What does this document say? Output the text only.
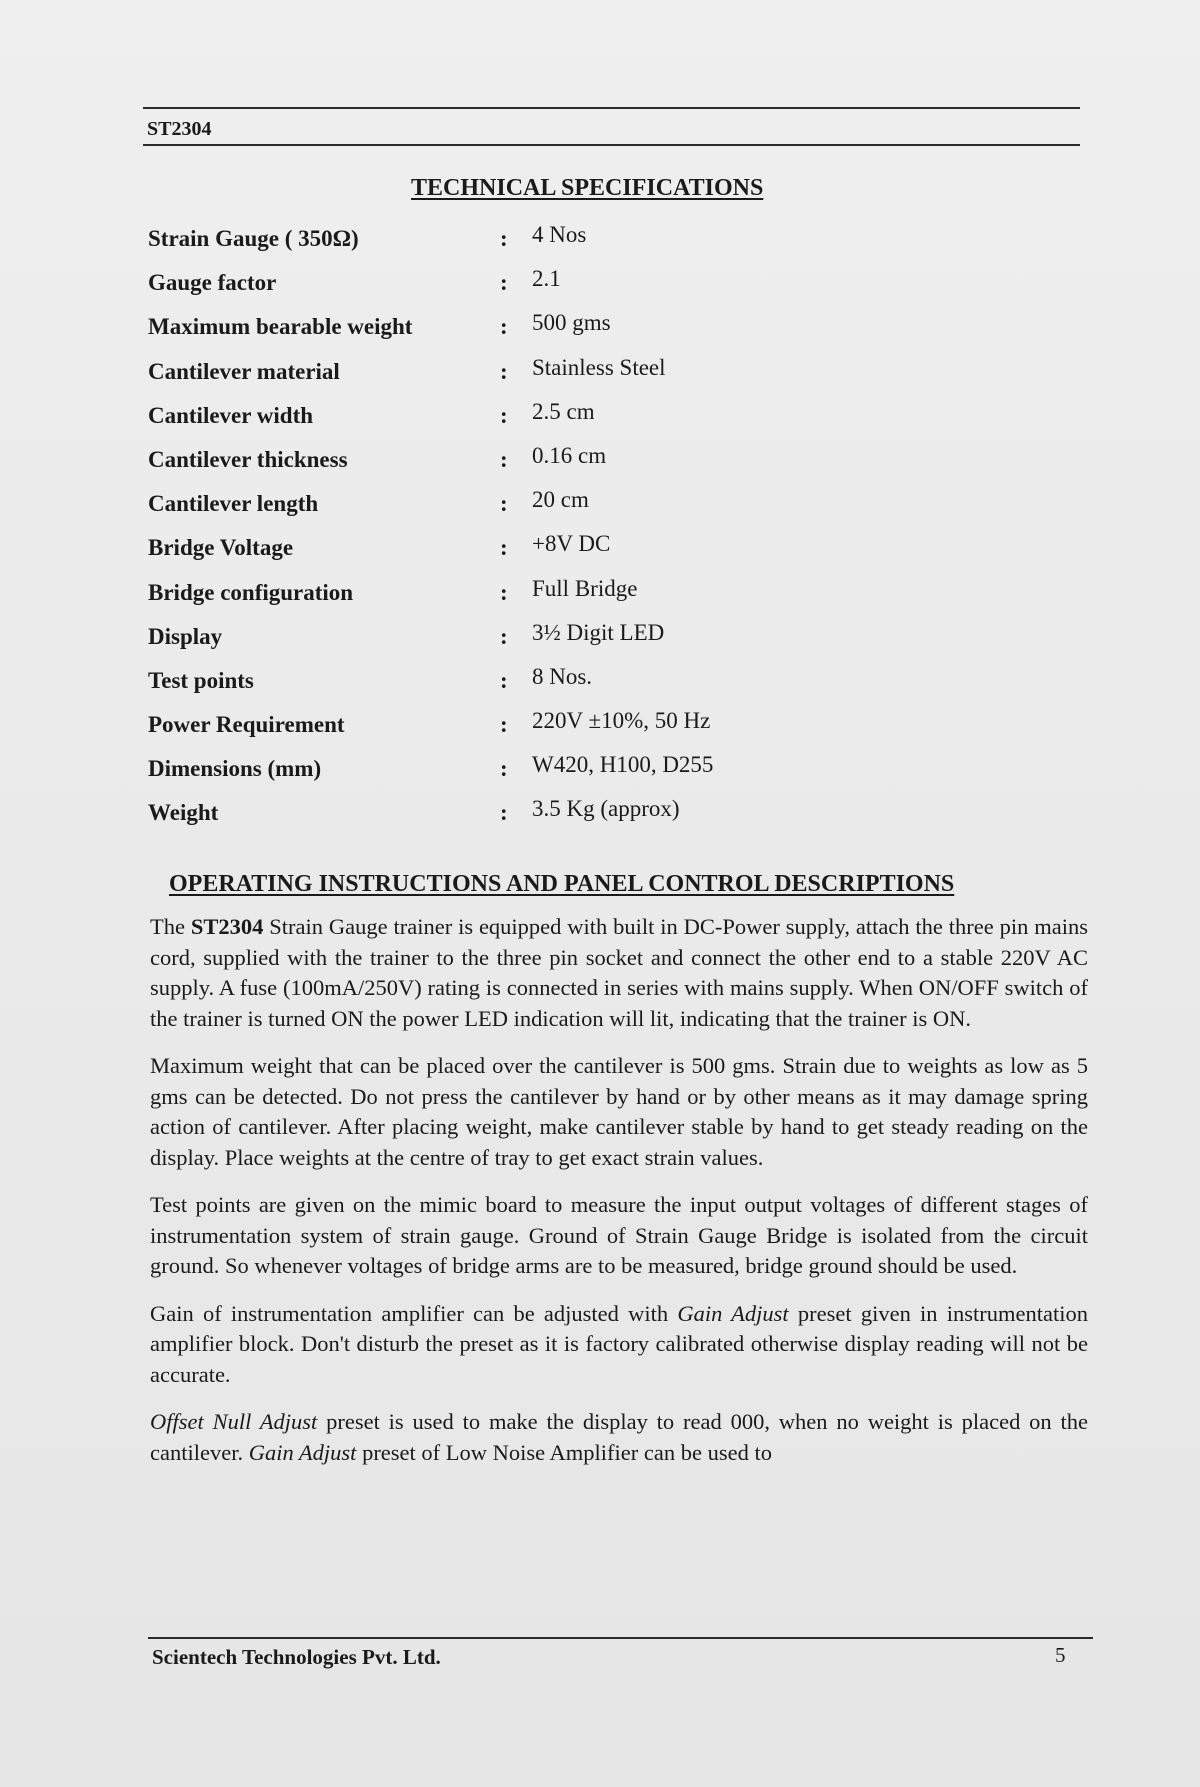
ST2304
TECHNICAL SPECIFICATIONS
Strain Gauge ( 350Ω)	: 4 Nos
Gauge factor	: 2.1
Maximum bearable weight	: 500 gms
Cantilever material	: Stainless Steel
Cantilever width	: 2.5 cm
Cantilever thickness	: 0.16 cm
Cantilever length	: 20 cm
Bridge Voltage	: +8V DC
Bridge configuration	: Full Bridge
Display	: 3½ Digit LED
Test points	: 8 Nos.
Power Requirement	: 220V ±10%, 50 Hz
Dimensions (mm)	: W420, H100, D255
Weight	: 3.5 Kg (approx)
OPERATING INSTRUCTIONS AND PANEL CONTROL DESCRIPTIONS

The ST2304 Strain Gauge trainer is equipped with built in DC-Power supply, attach the three pin mains cord, supplied with the trainer to the three pin socket and connect the other end to a stable 220V AC supply. A fuse (100mA/250V) rating is connected in series with mains supply. When ON/OFF switch of the trainer is turned ON the power LED indication will lit, indicating that the trainer is ON.

Maximum weight that can be placed over the cantilever is 500 gms. Strain due to weights as low as 5 gms can be detected. Do not press the cantilever by hand or by other means as it may damage spring action of cantilever. After placing weight, make cantilever stable by hand to get steady reading on the display. Place weights at the centre of tray to get exact strain values.

Test points are given on the mimic board to measure the input output voltages of different stages of instrumentation system of strain gauge. Ground of Strain Gauge Bridge is isolated from the circuit ground. So whenever voltages of bridge arms are to be measured, bridge ground should be used.

Gain of instrumentation amplifier can be adjusted with Gain Adjust preset given in instrumentation amplifier block. Don't disturb the preset as it is factory calibrated otherwise display reading will not be accurate.

Offset Null Adjust preset is used to make the display to read 000, when no weight is placed on the cantilever. Gain Adjust preset of Low Noise Amplifier can be used to

Scientech Technologies Pvt. Ltd.	5
